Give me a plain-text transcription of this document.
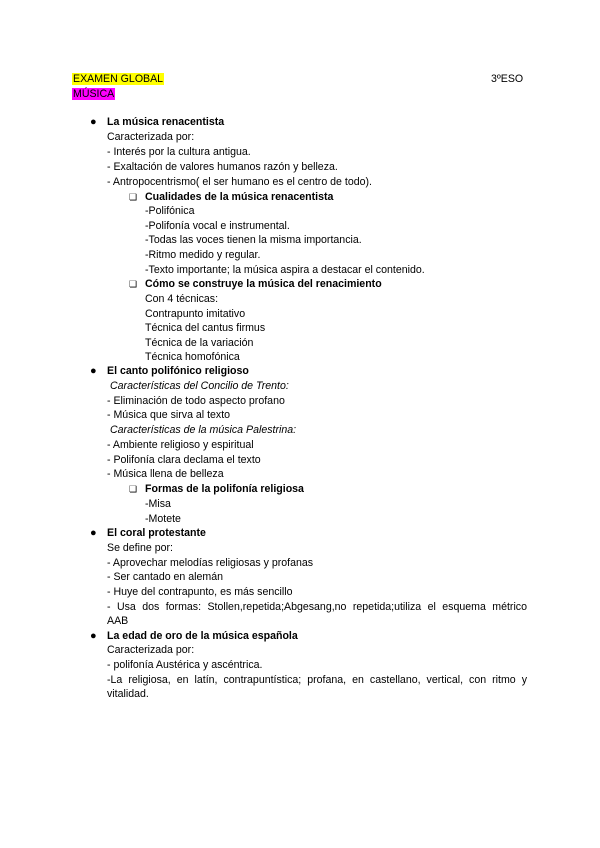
EXAMEN GLOBAL	3ºESO
MÚSICA
● La música renacentista
Caracterizada por:
- Interés por la cultura antigua.
- Exaltación de valores humanos razón y belleza.
- Antropocentrismo( el ser humano es el centro de todo).
❏ Cualidades de la música renacentista
-Polifónica
-Polifonía vocal e instrumental.
-Todas las voces tienen la misma importancia.
-Ritmo medido y regular.
-Texto importante; la música aspira a destacar el contenido.
❏ Cómo se construye la música del renacimiento
Con 4 técnicas:
Contrapunto imitativo
Técnica del cantus firmus
Técnica de la variación
Técnica homofónica
● El canto polifónico religioso
Características del Concilio de Trento:
- Eliminación de todo aspecto profano
- Música que sirva al texto
Características de la música Palestrina:
- Ambiente religioso y espiritual
- Polifonía clara declama el texto
- Música llena de belleza
❏ Formas de la polifonía religiosa
-Misa
-Motete
● El coral protestante
Se define por:
- Aprovechar melodías religiosas y profanas
- Ser cantado en alemán
- Huye del contrapunto, es más sencillo
- Usa dos formas: Stollen,repetida;Abgesang,no repetida;utiliza el esquema métrico
AAB
● La edad de oro de la música española
Caracterizada por:
- polifonía Austérica y ascéntrica.
-La religiosa, en latín, contrapuntística; profana, en castellano, vertical, con ritmo y
vitalidad.
